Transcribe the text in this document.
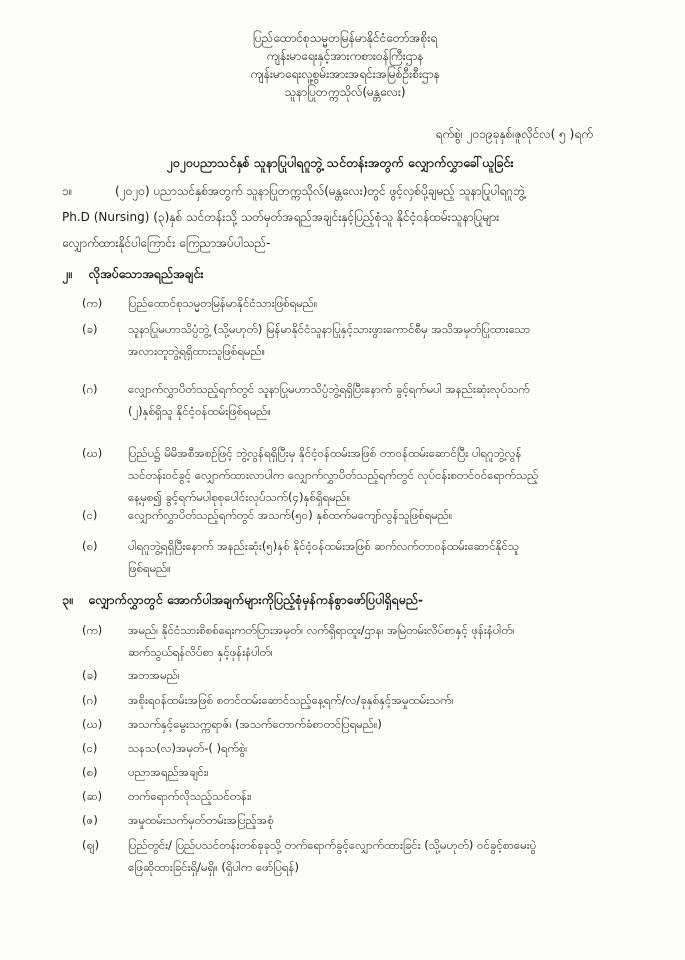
ပြည်ထောင်စုသမ္မတမြန်မာနိုင်ငံတော်အစိုးရ
ကျန်းမာရေးနှင့်အားကစားဝန်ကြီးဌာန
ကျန်းမာရေးလူ့စွမ်းအားအရင်းအမြစ်ဦးစီးဌာန
သူနာပြုတက္ကသိုလ်(မန္တလေး)
ရက်စွဲ၊ ၂၀၁၉ခုနှစ်၊ဇူလိုင်လ( ၅ )ရက်
၂၀၂၀ပညာသင်နှစ် သူနာပြုပါရဂူဘွဲ့ သင်တန်းအတွက် လျှောက်လွှာခေါ်ယူခြင်း
၁။	(၂၀၂၀) ပညာသင်နှစ်အတွက် သူနာပြုတက္ကသိုလ်(မန္တလေး)တွင် ဖွင့်လှစ်ပို့ချမည့် သူနာပြုပါရဂူဘွဲ့
Ph.D (Nursing) (၃)နှစ် သင်တန်းသို့ သတ်မှတ်အရည်အချင်းနှင့်ပြည့်စုံသူ နိုင်ငံ့ဝန်ထမ်းသူနာပြုများ
လျှောက်ထားနိုင်ပါကြောင်း ကြေညာအပ်ပါသည်-
၂။ လိုအပ်သောအရည်အချင်း
(က) ပြည်ထောင်စုသမ္မတမြန်မာနိုင်ငံသားဖြစ်ရမည်။
(ခ)	သူနာပြုမဟာသိပ္ပံဘွဲ့ (သို့မဟုတ်) မြန်မာနိုင်ငံသူနာပြုနှင့်သားဖွားကောင်စီမှ အသိအမှတ်ပြုထားသော
အလားတူဘွဲ့ရရှိထားသူဖြစ်ရမည်။
(ဂ)	လျှောက်လွှာပိတ်သည့်ရက်တွင် သူနာပြုမဟာသိပ္ပံဘွဲ့ရရှိပြီးနောက် ခွင့်ရက်မပါ အနည်းဆုံးလုပ်သက်
(၂)နှစ်ရှိသူ နိုင်ငံ့ဝန်ထမ်းဖြစ်ရမည်။
(ဃ) ပြည်ပ၌ မိမိအစီအစဉ်ဖြင့် ဘွဲ့လွန်ရရှိပြီးမှ နိုင်ငံ့ဝန်ထမ်းအဖြစ် တာဝန်ထမ်းဆောင်ပြီး ပါရဂူဘွဲ့လွန်
သင်တန်းဝင်ခွင့် လျှောက်ထားလာပါက လျှောက်လွှာပိတ်သည့်ရက်တွင် လုပ်ငန်းစတင်ဝင်ရောက်သည့်
နေ့မှစ၍ ခွင့်ရက်မပါစုစုပေါင်းလုပ်သက်(၄)နှစ်ရှိရမည်။
(င)	လျှောက်လွှာပိတ်သည့်ရက်တွင် အသက်(၅၀) နှစ်ထက်မကျော်လွန်သူဖြစ်ရမည်။
(စ)	ပါရဂူဘွဲ့ရရှိပြီးနောက် အနည်းဆုံး(၅)နှစ် နိုင်ငံ့ဝန်ထမ်းအဖြစ် ဆက်လက်တာဝန်ထမ်းဆောင်နိုင်သူ
ဖြစ်ရမည်။
၃။ လျှောက်လွှာတွင် အောက်ပါအချက်များကိုပြည့်စုံမှန်ကန်စွာဖော်ပြပါရှိရမည်-
(က) အမည်၊ နိုင်ငံသားစိစစ်ရေးကတ်ပြားအမှတ်၊ လက်ရှိရာထူး/ဌာန၊ အမြဲတမ်းလိပ်စာနှင့် ဖုန်းနံပါတ်၊
ဆက်သွယ်ရန်လိပ်စာ နှင့်ဖုန်းနံပါတ်၊
(ခ)	အဘအမည်၊
(ဂ)	အစိုးရဝန်ထမ်းအဖြစ် စတင်ထမ်းဆောင်သည့်နေ့ရက်/လ/ခုနှစ်နှင့်အမှုထမ်းသက်၊
(ဃ) အသက်နှင့်မွေးသက္ကရာဇ်၊ (အသက်တောက်ခံစာတင်ပြရမည်။)
(င)	သနသ(လ)အမှတ်-( )ရက်စွဲ၊
(စ)	ပညာအရည်အချင်း၊
(ဆ) တက်ရောက်လိုသည့်သင်တန်း၊
(ဇ)	အမှုထမ်းသက်မှတ်တမ်းအပြည့်အစုံ
(ဈ)	ပြည်တွင်း/ ပြည်ပသင်တန်းတစ်ခုခုသို့ တက်ရောက်ခွင့်လျှောက်ထားခြင်း (သို့မဟုတ်) ဝင်ခွင့်စာမေးပွဲ
ဖြေဆိုထားခြင်းရှိ/မရှိ။ (ရှိပါက ဖော်ပြရန်)
